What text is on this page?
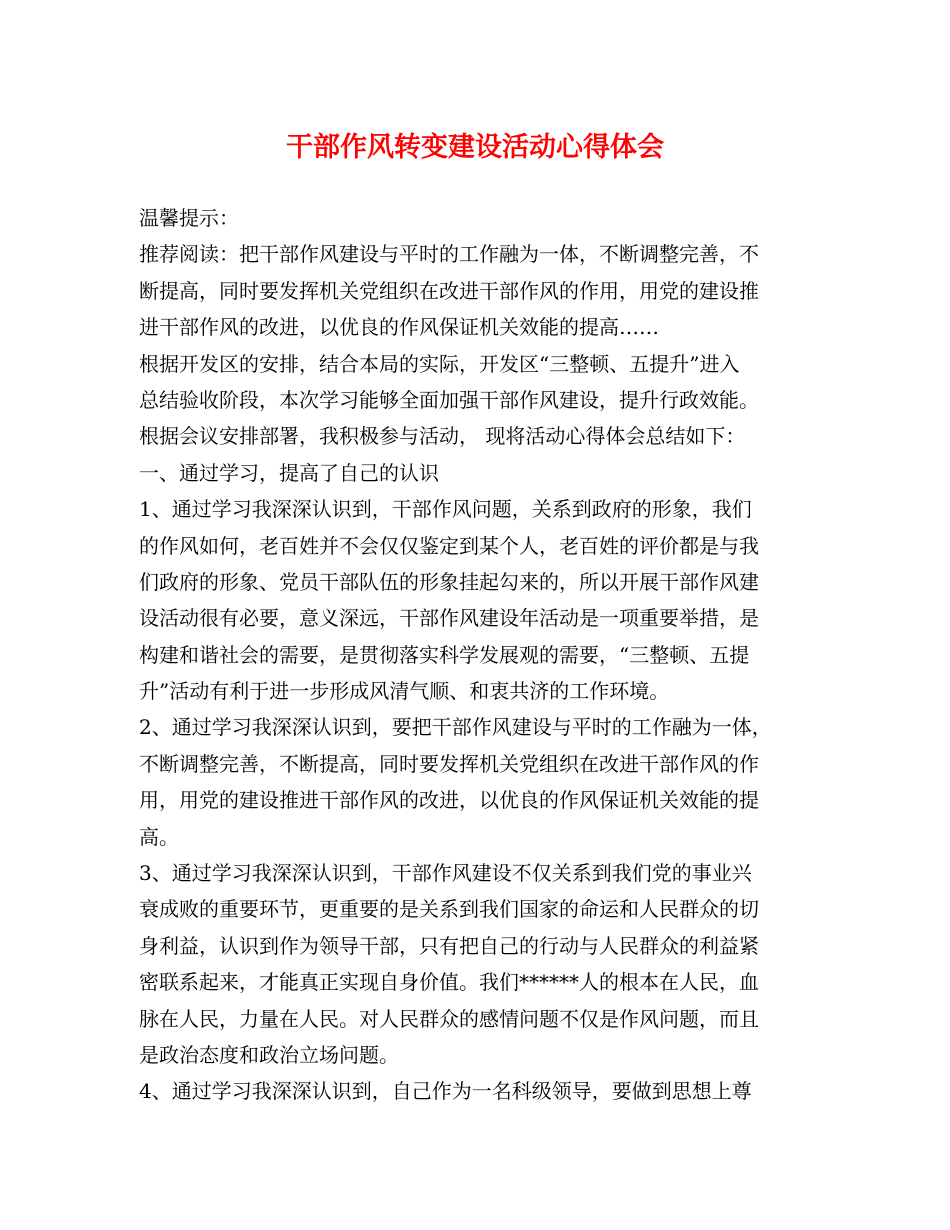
干部作风转变建设活动心得体会
温馨提示：
推荐阅读：把干部作风建设与平时的工作融为一体，不断调整完善，不
断提高，同时要发挥机关党组织在改进干部作风的作用，用党的建设推
进干部作风的改进，以优良的作风保证机关效能的提高……
根据开发区的安排，结合本局的实际，开发区“三整顿、五提升”进入
总结验收阶段，本次学习能够全面加强干部作风建设，提升行政效能。
根据会议安排部署，我积极参与活动， 现将活动心得体会总结如下：
一、通过学习，提高了自己的认识
1、通过学习我深深认识到，干部作风问题，关系到政府的形象，我们
的作风如何，老百姓并不会仅仅鉴定到某个人，老百姓的评价都是与我
们政府的形象、党员干部队伍的形象挂起勾来的，所以开展干部作风建
设活动很有必要，意义深远，干部作风建设年活动是一项重要举措，是
构建和谐社会的需要，是贯彻落实科学发展观的需要，“三整顿、五提
升”活动有利于进一步形成风清气顺、和衷共济的工作环境。
2、通过学习我深深认识到，要把干部作风建设与平时的工作融为一体，
不断调整完善，不断提高，同时要发挥机关党组织在改进干部作风的作
用，用党的建设推进干部作风的改进，以优良的作风保证机关效能的提
高。
3、通过学习我深深认识到，干部作风建设不仅关系到我们党的事业兴
衰成败的重要环节，更重要的是关系到我们国家的命运和人民群众的切
身利益，认识到作为领导干部，只有把自己的行动与人民群众的利益紧
密联系起来，才能真正实现自身价值。我们******人的根本在人民，血
脉在人民，力量在人民。对人民群众的感情问题不仅是作风问题，而且
是政治态度和政治立场问题。
4、通过学习我深深认识到，自己作为一名科级领导，要做到思想上尊
